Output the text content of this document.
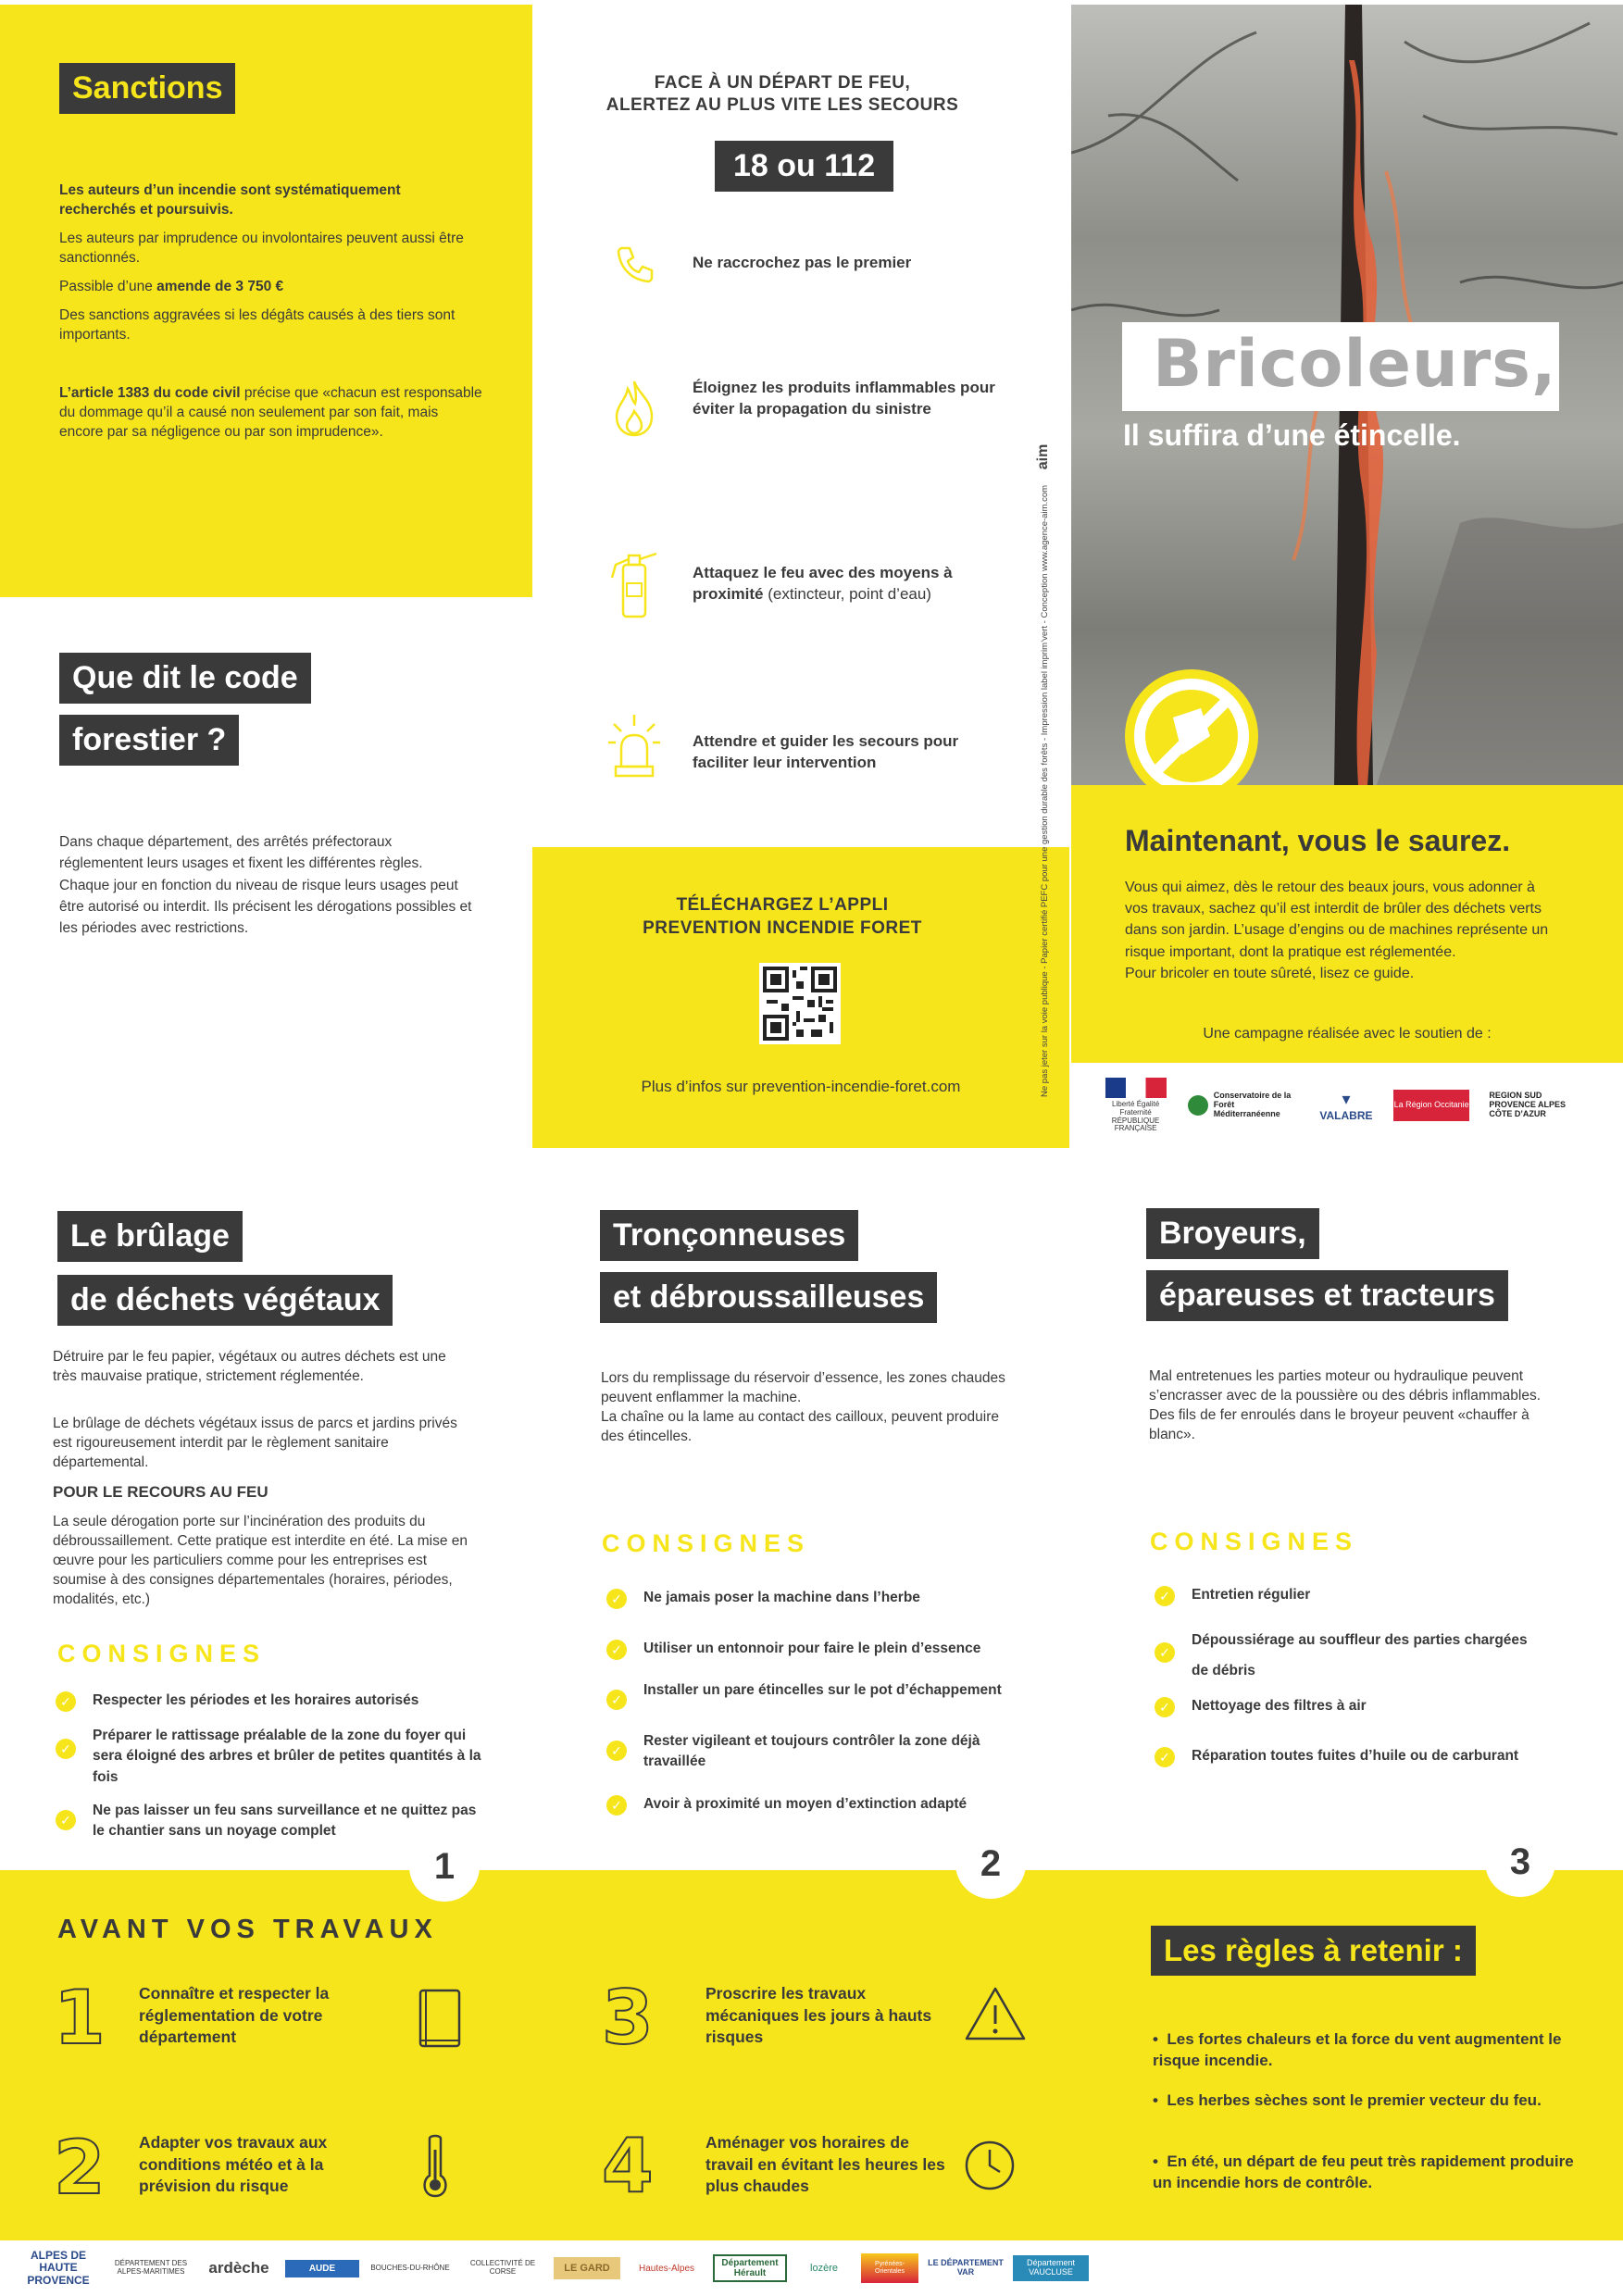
Sanctions
Les auteurs d’un incendie sont systématiquement recherchés et poursuivis.
Les auteurs par imprudence ou involontaires peuvent aussi être sanctionnés.
Passible d’une amende de 3 750 €
Des sanctions aggravées si les dégâts causés à des tiers sont importants.
L’article 1383 du code civil précise que «chacun est responsable du dommage qu’il a causé non seulement par son fait, mais encore par sa négligence ou par son imprudence».
Que dit le code
forestier ?
Dans chaque département, des arrêtés préfectoraux réglementent leurs usages et fixent les différentes règles. Chaque jour en fonction du niveau de risque leurs usages peut être autorisé ou interdit. Ils précisent les dérogations possibles et les périodes avec restrictions.
FACE À UN DÉPART DE FEU,
ALERTEZ AU PLUS VITE LES SECOURS
18 ou 112
Ne raccrochez pas le premier
Éloignez les produits inflammables pour éviter la propagation du sinistre
Attaquez le feu avec des moyens à proximité (extincteur, point d’eau)
Attendre et guider les secours pour faciliter leur intervention
TÉLÉCHARGEZ L’APPLI
PREVENTION INCENDIE FORET
Plus d’infos sur prevention-incendie-foret.com	Ne pas jeter sur la voie publique - Papier certifié PEFC pour une gestion durable des forêts - Impression label imprim’vert - Conception www.agence-aim.com aim
Bricoleurs,
Il suffira d’une étincelle.
Maintenant, vous le saurez.
Vous qui aimez, dès le retour des beaux jours, vous adonner à vos travaux, sachez qu’il est interdit de brûler des déchets verts dans son jardin. L’usage d’engins ou de machines représente un risque important, dont la pratique est réglementée.
Pour bricoler en toute sûreté, lisez ce guide.
Une campagne réalisée avec le soutien de :
Liberté Égalité Fraternité RÉPUBLIQUE FRANÇAISE
Conservatoire de la Forêt Méditerranéenne
▾
VALABRE
La Région Occitanie
REGION SUD PROVENCE ALPES CÔTE D’AZUR
Le brûlage
de déchets végétaux
Détruire par le feu papier, végétaux ou autres déchets est une très mauvaise pratique, strictement réglementée.
Le brûlage de déchets végétaux issus de parcs et jardins privés est rigoureusement interdit par le règlement sanitaire départemental.
POUR LE RECOURS AU FEU
La seule dérogation porte sur l’incinération des produits du débroussaillement. Cette pratique est interdite en été. La mise en œuvre pour les particuliers comme pour les entreprises est soumise à des consignes départementales (horaires, périodes, modalités, etc.)
CONSIGNES
✓	Respecter les périodes et les horaires autorisés
✓
Préparer le rattissage préalable de la zone du foyer qui sera éloigné des arbres et brûler de petites quantités à la fois
✓
Ne pas laisser un feu sans surveillance et ne quittez pas le chantier sans un noyage complet
Tronçonneuses
et débroussailleuses
Lors du remplissage du réservoir d’essence, les zones chaudes peuvent enflammer la machine.
La chaîne ou la lame au contact des cailloux, peuvent produire des étincelles.
CONSIGNES
✓	Ne jamais poser la machine dans l’herbe
✓	Utiliser un entonnoir pour faire le plein d’essence
✓
Installer un pare étincelles sur le pot d’échappement
✓
Rester vigileant et toujours contrôler la zone déjà travaillée
✓	Avoir à proximité un moyen d’extinction adapté
Broyeurs,
épareuses et tracteurs
Mal entretenues les parties moteur ou hydraulique peuvent s’encrasser avec de la poussière ou des débris inflammables.
Des fils de fer enroulés dans le broyeur peuvent «chauffer à blanc».
CONSIGNES
✓	Entretien régulier
✓
Dépoussiérage au souffleur des parties chargées de débris
✓	Nettoyage des filtres à air
✓	Réparation toutes fuites d’huile ou de carburant
1	2	3
AVANT VOS TRAVAUX
1 Connaître et respecter la réglementation de votre département
2 Adapter vos travaux aux conditions météo et à la prévision du risque
3	Proscrire les travaux mécaniques les jours à hauts risques
4	Aménager vos horaires de travail en évitant les heures les plus chaudes
Les règles à retenir :
•  Les fortes chaleurs et la force du vent augmentent le risque incendie.
•  Les herbes sèches sont le premier vecteur du feu.
•  En été, un départ de feu peut très rapidement produire un incendie hors de contrôle.
ALPES DE HAUTE PROVENCE
DÉPARTEMENT DES ALPES-MARITIMES	ardèche	AUDE	BOUCHES-DU-RHÔNE	COLLECTIVITÉ DE CORSE	LE GARD	Hautes-Alpes	Département Hérault	lozère	Pyrénées-Orientales
LE DÉPARTEMENT VAR
Département VAUCLUSE
